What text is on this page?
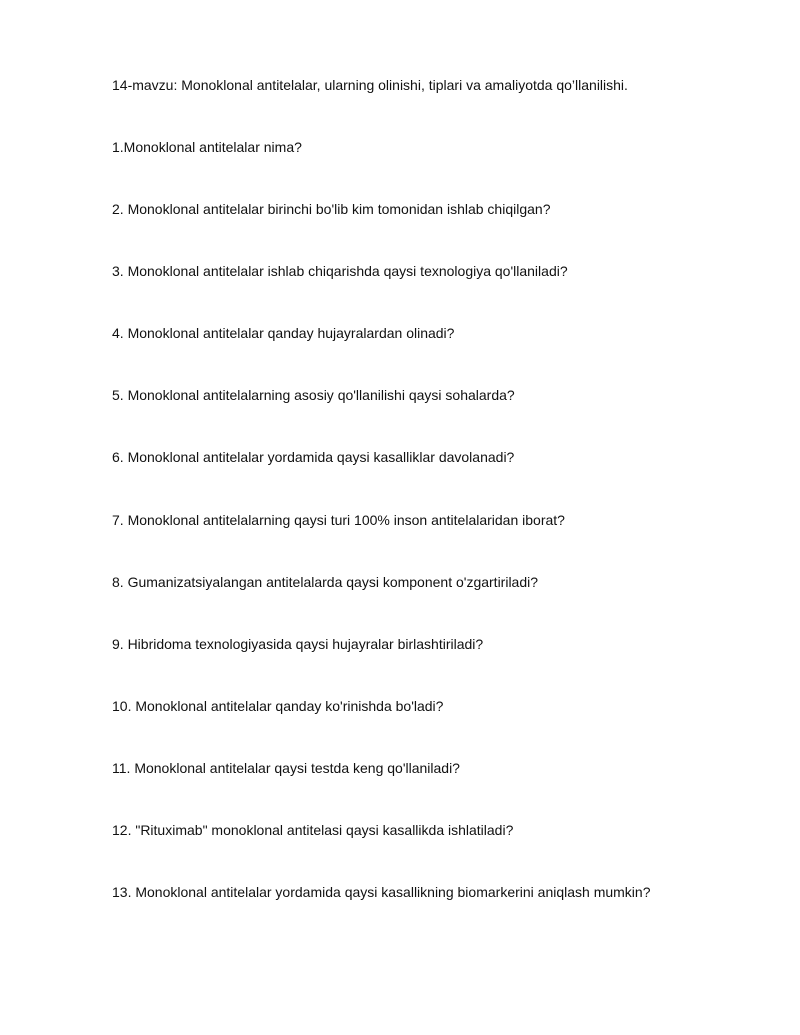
14-mavzu: Monoklonal antitelalar, ularning olinishi, tiplari va amaliyotda qo’llanilishi.
1.Monoklonal antitelalar nima?
2. Monoklonal antitelalar birinchi bo'lib kim tomonidan ishlab chiqilgan?
3. Monoklonal antitelalar ishlab chiqarishda qaysi texnologiya qo'llaniladi?
4. Monoklonal antitelalar qanday hujayralardan olinadi?
5. Monoklonal antitelalarning asosiy qo'llanilishi qaysi sohalarda?
6. Monoklonal antitelalar yordamida qaysi kasalliklar davolanadi?
7. Monoklonal antitelalarning qaysi turi 100% inson antitelalaridan iborat?
8. Gumanizatsiyalangan antitelalarda qaysi komponent o'zgartiriladi?
9. Hibridoma texnologiyasida qaysi hujayralar birlashtiriladi?
10. Monoklonal antitelalar qanday ko'rinishda bo'ladi?
11. Monoklonal antitelalar qaysi testda keng qo'llaniladi?
12. "Rituximab" monoklonal antitelasi qaysi kasallikda ishlatiladi?
13. Monoklonal antitelalar yordamida qaysi kasallikning biomarkerini aniqlash mumkin?
